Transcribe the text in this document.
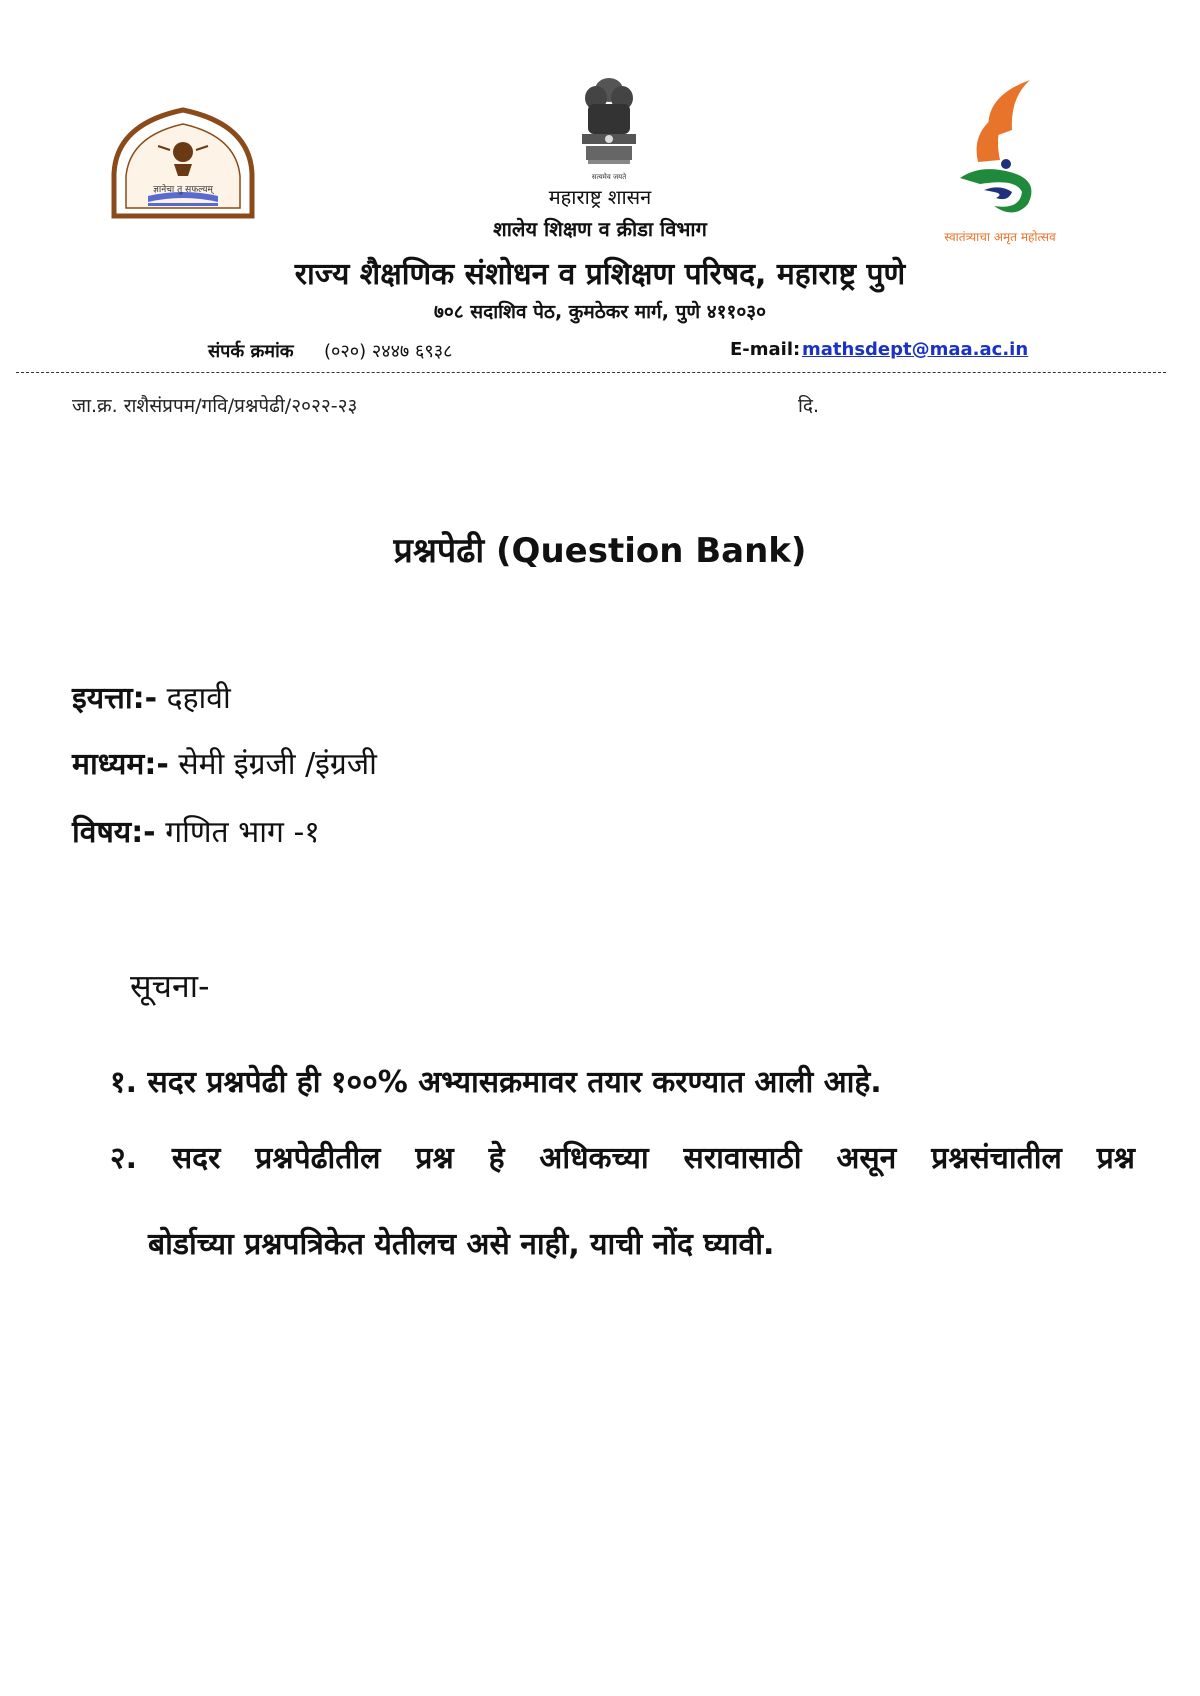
ज्ञानेचा तु सफल्यम्
सत्यमेव जयते
स्वातंत्र्याचा अमृत महोत्सव
महाराष्ट्र शासन
शालेय शिक्षण व क्रीडा विभाग
राज्य शैक्षणिक संशोधन व प्रशिक्षण परिषद, महाराष्ट्र पुणे
७०८ सदाशिव पेठ, कुमठेकर मार्ग, पुणे ४११०३०
संपर्क क्रमांक (०२०) २४४७ ६९३८	E-mail: mathsdept@maa.ac.in
जा.क्र. राशैसंप्रपम/गवि/प्रश्नपेढी/२०२२-२३	दि.
प्रश्नपेढी (Question Bank)
इयत्ता:- दहावी
माध्यम:- सेमी इंग्रजी /इंग्रजी
विषय:- गणित भाग -१
सूचना-
१. सदर प्रश्नपेढी ही १००% अभ्यासक्रमावर तयार करण्यात आली आहे.
२. सदर प्रश्नपेढीतील प्रश्न हे अधिकच्या सरावासाठी असून प्रश्नसंचातील प्रश्न
बोर्डाच्या प्रश्नपत्रिकेत येतीलच असे नाही, याची नोंद घ्यावी.
